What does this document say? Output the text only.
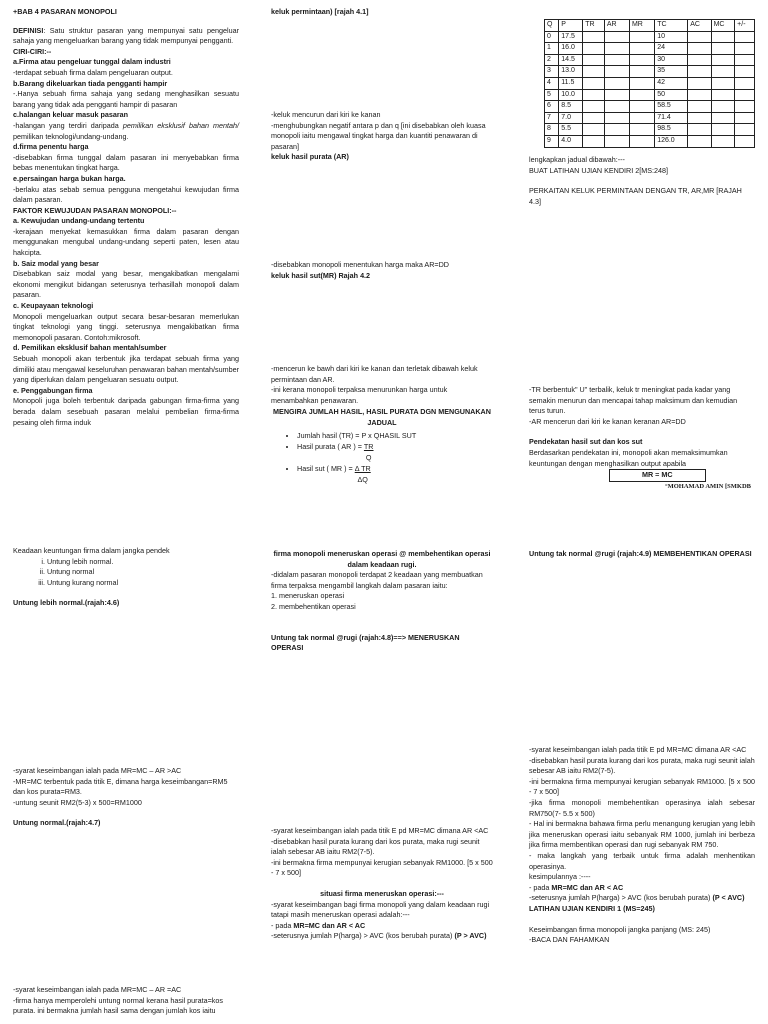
+BAB 4 PASARAN MONOPOLI

DEFINISI: Satu struktur pasaran yang mempunyai satu pengeluar sahaja yang mengeluarkan barang yang tidak mempunyai pengganti.

CIRI-CIRI:--

a.Firma atau pengeluar tunggal dalam industri

-terdapat sebuah firma dalam pengeluaran output.

b.Barang dikeluarkan tiada pengganti hampir

-.Hanya sebuah firma sahaja yang sedang menghasilkan sesuatu barang yang tidak ada pengganti hampir di pasaran

c.halangan keluar masuk pasaran

-halangan yang terdiri daripada pemilikan eksklusif bahan mentah/ pemilikan teknologi/undang-undang.

d.firma penentu harga

-disebabkan firma tunggal dalam pasaran ini menyebabkan firma bebas menentukan tingkat harga.

e.persaingan harga bukan harga.

-berlaku atas sebab semua pengguna mengetahui kewujudan firma dalam pasaran.

FAKTOR KEWUJUDAN PASARAN MONOPOLI:--

a. Kewujudan undang-undang tertentu

-kerajaan menyekat kemasukkan firma dalam pasaran dengan menggunakan mengubal undang-undang seperti paten, lesen atau hakcipta.

b. Saiz modal yang besar

Disebabkan saiz modal yang besar, mengakibatkan mengalami ekonomi mengikut bidangan seterusnya terhasillah monopoli dalam pasaran.

c. Keupayaan teknologi

Monopoli mengeluarkan output secara besar-besaran memerlukan tingkat teknologi yang tinggi. seterusnya mengakibatkan firma memonopoli pasaran. Contoh:mikrosoft.

d. Pemilikan eksklusif bahan mentah/sumber

Sebuah monopoli akan terbentuk jika terdapat sebuah firma yang dimiliki atau mengawal keseluruhan penawaran bahan mentah/sumber yang diperlukan dalam pengeluaran sesuatu output.

e. Penggabungan firma

Monopoli juga boleh terbentuk daripada gabungan firma-firma yang berada dalam sesebuah pasaran melalui pembelian firma-firma pesaing oleh firma induk

Keadaan keuntungan firma dalam jangka pendek

i. Untung lebih normal.
ii. Untung normal
iii. Untung kurang normal

Untung lebih normal.(rajah:4.6)

-syarat keseimbangan ialah pada MR=MC – AR >AC

-MR=MC terbentuk pada titik E, dimana harga keseimbangan=RM5 dan kos purata=RM3.

-untung seunit RM2(5-3) x 500=RM1000

Untung normal.(rajah:4.7)

-syarat keseimbangan ialah pada MR=MC – AR =AC

-firma hanya memperolehi untung normal kerana hasil purata=kos purata. ini bermakna jumlah hasil sama dengan jumlah kos iaitu

keluk permintaan) [rajah 4.1]

-keluk mencurun dari kiri ke kanan

-menghubungkan negatif antara p dan q [ini disebabkan oleh kuasa monopoli iaitu mengawal tingkat harga dan kuantiti penawaran di pasaran]

keluk hasil purata (AR)

-disebabkan monopoli menentukan harga maka AR=DD

keluk hasil sut(MR) Rajah 4.2

-mencerun ke bawh dari kiri ke kanan dan terletak dibawah keluk permintaan dan AR.

-ini kerana monopoli terpaksa menurunkan harga untuk menambahkan penawaran.

MENGIRA JUMLAH HASIL, HASIL PURATA DGN MENGUNAKAN JADUAL

• Jumlah hasil (TR) = P x QHASIL SUT
• Hasil purata ( AR ) = $\frac{TR}{Q}$
• Hasil sut ( MR ) = $\frac{\text{Δ TR}}{\Delta Q}$

firma monopoli meneruskan operasi @ membehentikan operasi dalam keadaan rugi.

-didalam pasaran monopoli terdapat 2 keadaan yang membuatkan firma terpaksa mengambil langkah dalam pasaran iaitu:

1. meneruskan operasi

2. membehentikan operasi

Untung tak normal @rugi (rajah:4.8)==> MENERUSKAN OPERASI

-syarat keseimbangan ialah pada titik E pd MR=MC dimana AR <AC

-disebabkan hasil purata kurang dari kos purata, maka rugi seunit ialah sebesar AB iaitu RM2(7-5).

-ini bermakna firma mempunyai kerugian sebanyak RM1000. [5 x 500 - 7 x 500]

situasi firma meneruskan operasi:---

-syarat keseimbangan bagi firma monopoli yang dalam keadaan rugi tatapi masih meneruskan operasi adalah:---

- pada MR=MC dan AR < AC

-seterusnya jumlah P(harga) > AVC (kos berubah purata) (P > AVC)

Q	P	TR	AR	MR	TC	AC	MC	+/-
0	17.5				10			
1	16.0				24			
2	14.5				30			
3	13.0				35			
4	11.5				42			
5	10.0				50			
6	8.5				58.5			
7	7.0				71.4			
8	5.5				98.5			
9	4.0				126.0			

lengkapkan jadual dibawah:---

BUAT LATIHAN UJIAN KENDIRI 2[MS:248]

PERKAITAN KELUK PERMINTAAN DENGAN TR, AR,MR [RAJAH 4.3]

-TR berbentuk" U" terbalik, keluk tr meningkat pada kadar yang semakin menurun dan mencapai tahap maksimum dan kemudian terus turun.

-AR mencerun dari kiri ke kanan keranan AR=DD

Pendekatan hasil sut dan kos sut

Berdasarkan pendekatan ini, monopoli akan memaksimumkan keuntungan dengan menghasilkan output apabila

MR = MC

°MOHAMAD AMIN [SMKDB

Untung tak normal @rugi (rajah:4.9) MEMBEHENTIKAN OPERASI

-syarat keseimbangan ialah pada titik E pd MR=MC dimana AR <AC

-disebabkan hasil purata kurang dari kos purata, maka rugi seunit ialah sebesar AB iaitu RM2(7-5).

-ini bermakna firma mempunyai kerugian sebanyak RM1000. [5 x 500 - 7 x 500]

-jika firma monopoli membehentikan operasinya ialah sebesar RM750(7- 5.5 x 500)

- Hal ini bermakna bahawa firma perlu menangung kerugian yang lebih jika meneruskan operasi iaitu sebanyak RM 1000, jumlah ini berbeza jika firma membentikan operasi dan rugi sebanyak RM 750.

- maka langkah yang terbaik untuk firma adalah menhentikan operasinya.

kesimpulannya :----

- pada MR=MC dan AR < AC

-seterusnya jumlah P(harga) > AVC (kos berubah purata) (P < AVC)

LATIHAN UJIAN KENDIRI 1 (MS=245)

Keseimbangan firma monopoli jangka panjang (MS: 245)

-BACA DAN FAHAMKAN
